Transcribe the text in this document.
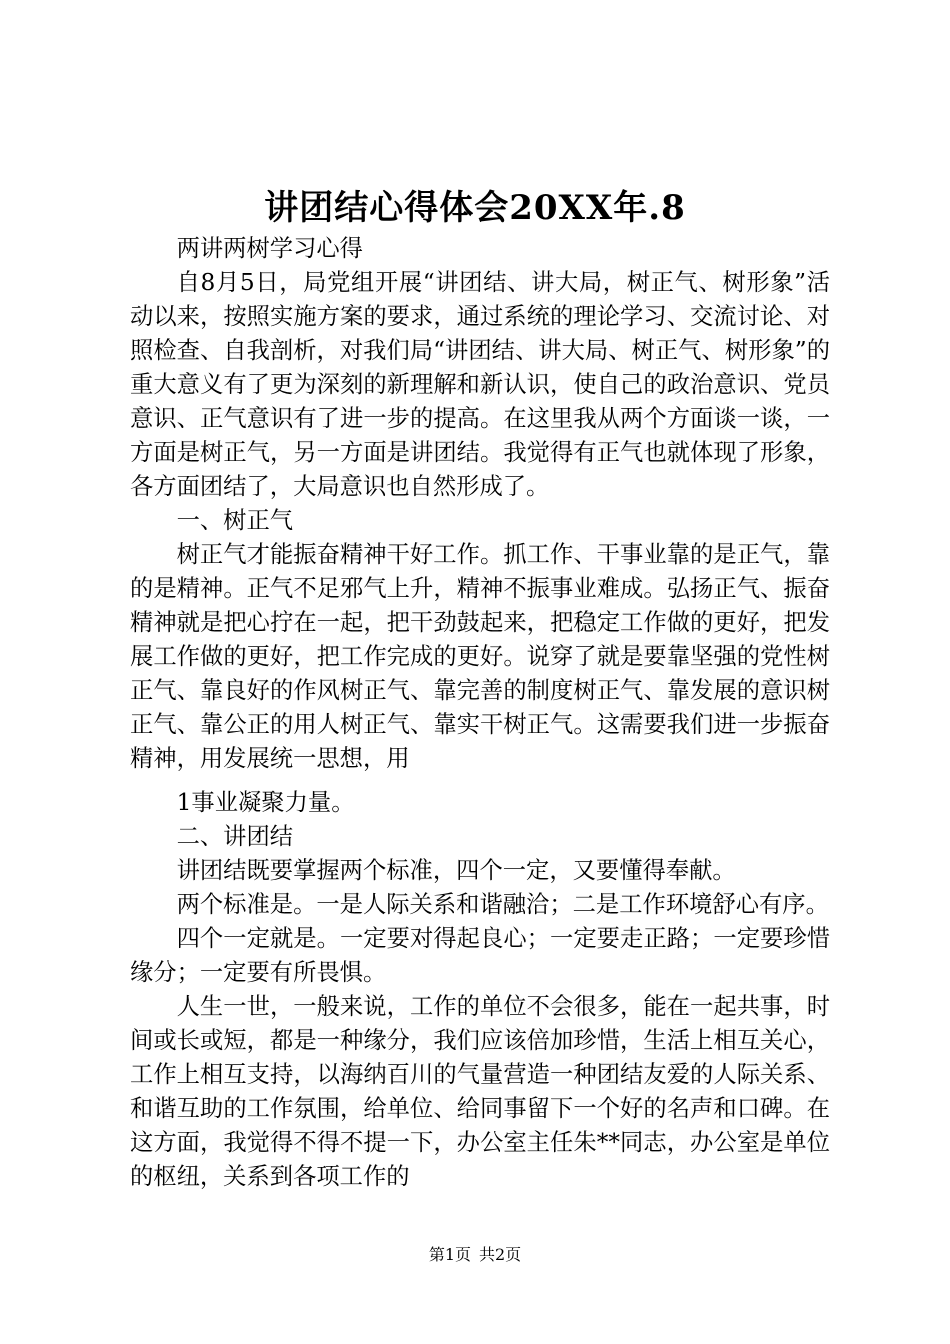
讲团结心得体会20XX年.8

两讲两树学习心得

自8月5日，局党组开展“讲团结、讲大局，树正气、树形象”活动以来，按照实施方案的要求，通过系统的理论学习、交流讨论、对照检查、自我剖析，对我们局“讲团结、讲大局、树正气、树形象”的重大意义有了更为深刻的新理解和新认识，使自己的政治意识、党员意识、正气意识有了进一步的提高。在这里我从两个方面谈一谈，一方面是树正气，另一方面是讲团结。我觉得有正气也就体现了形象，各方面团结了，大局意识也自然形成了。

一、树正气

树正气才能振奋精神干好工作。抓工作、干事业靠的是正气，靠的是精神。正气不足邪气上升，精神不振事业难成。弘扬正气、振奋精神就是把心拧在一起，把干劲鼓起来，把稳定工作做的更好，把发展工作做的更好，把工作完成的更好。说穿了就是要靠坚强的党性树正气、靠良好的作风树正气、靠完善的制度树正气、靠发展的意识树正气、靠公正的用人树正气、靠实干树正气。这需要我们进一步振奋精神，用发展统一思想，用

1事业凝聚力量。

二、讲团结

讲团结既要掌握两个标准，四个一定，又要懂得奉献。

两个标准是。一是人际关系和谐融洽；二是工作环境舒心有序。

四个一定就是。一定要对得起良心；一定要走正路；一定要珍惜缘分；一定要有所畏惧。

人生一世，一般来说，工作的单位不会很多，能在一起共事，时间或长或短，都是一种缘分，我们应该倍加珍惜，生活上相互关心，工作上相互支持，以海纳百川的气量营造一种团结友爱的人际关系、和谐互助的工作氛围，给单位、给同事留下一个好的名声和口碑。在这方面，我觉得不得不提一下，办公室主任朱**同志，办公室是单位的枢纽，关系到各项工作的

第1页 共2页
